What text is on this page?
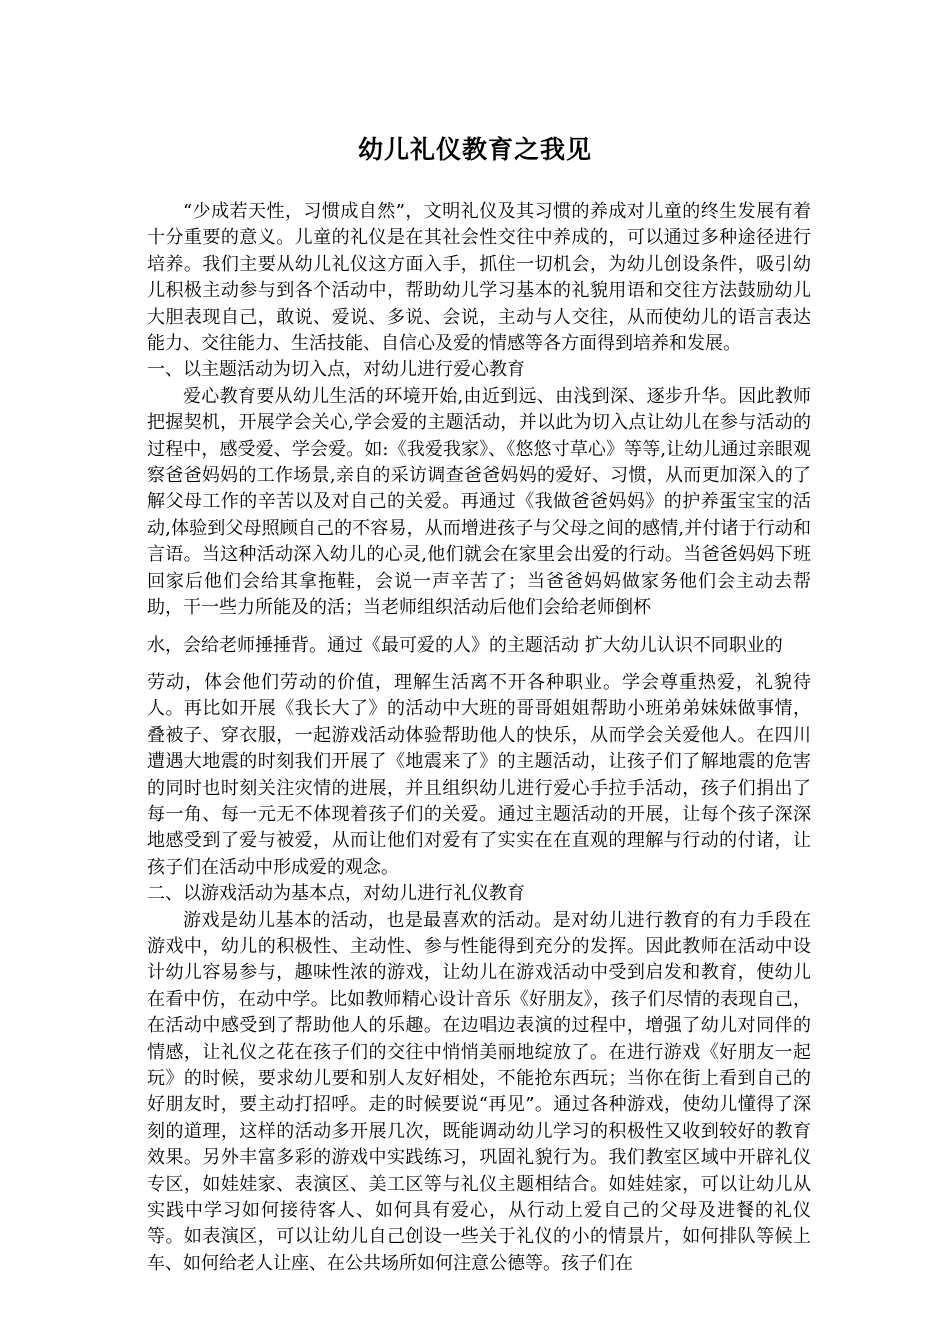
幼儿礼仪教育之我见

“少成若天性，习惯成自然”，文明礼仪及其习惯的养成对儿童的终生发展有着十分重要的意义。儿童的礼仪是在其社会性交往中养成的，可以通过多种途径进行培养。我们主要从幼儿礼仪这方面入手，抓住一切机会，为幼儿创设条件，吸引幼儿积极主动参与到各个活动中，帮助幼儿学习基本的礼貌用语和交往方法鼓励幼儿大胆表现自己，敢说、爱说、多说、会说，主动与人交往，从而使幼儿的语言表达能力、交往能力、生活技能、自信心及爱的情感等各方面得到培养和发展。

一、以主题活动为切入点，对幼儿进行爱心教育

爱心教育要从幼儿生活的环境开始,由近到远、由浅到深、逐步升华。因此教师把握契机，开展学会关心,学会爱的主题活动，并以此为切入点让幼儿在参与活动的过程中，感受爱、学会爱。如:《我爱我家》、《悠悠寸草心》等等,让幼儿通过亲眼观察爸爸妈妈的工作场景,亲自的采访调查爸爸妈妈的爱好、习惯，从而更加深入的了解父母工作的辛苦以及对自己的关爱。再通过《我做爸爸妈妈》的护养蛋宝宝的活动,体验到父母照顾自己的不容易，从而增进孩子与父母之间的感情,并付诸于行动和言语。当这种活动深入幼儿的心灵,他们就会在家里会出爱的行动。当爸爸妈妈下班回家后他们会给其拿拖鞋，会说一声辛苦了；当爸爸妈妈做家务他们会主动去帮助，干一些力所能及的活；当老师组织活动后他们会给老师倒杯

水，会给老师捶捶背。通过《最可爱的人》的主题活动 扩大幼儿认识不同职业的

劳动，体会他们劳动的价值，理解生活离不开各种职业。学会尊重热爱，礼貌待人。再比如开展《我长大了》的活动中大班的哥哥姐姐帮助小班弟弟妹妹做事情，叠被子、穿衣服，一起游戏活动体验帮助他人的快乐，从而学会关爱他人。在四川遭遇大地震的时刻我们开展了《地震来了》的主题活动，让孩子们了解地震的危害的同时也时刻关注灾情的进展，并且组织幼儿进行爱心手拉手活动，孩子们捐出了每一角、每一元无不体现着孩子们的关爱。通过主题活动的开展，让每个孩子深深地感受到了爱与被爱，从而让他们对爱有了实实在在直观的理解与行动的付诸，让孩子们在活动中形成爱的观念。

二、以游戏活动为基本点，对幼儿进行礼仪教育

游戏是幼儿基本的活动，也是最喜欢的活动。是对幼儿进行教育的有力手段在游戏中，幼儿的积极性、主动性、参与性能得到充分的发挥。因此教师在活动中设计幼儿容易参与，趣味性浓的游戏，让幼儿在游戏活动中受到启发和教育，使幼儿在看中仿，在动中学。比如教师精心设计音乐《好朋友》，孩子们尽情的表现自己，在活动中感受到了帮助他人的乐趣。在边唱边表演的过程中，增强了幼儿对同伴的情感，让礼仪之花在孩子们的交往中悄悄美丽地绽放了。在进行游戏《好朋友一起玩》的时候，要求幼儿要和别人友好相处，不能抢东西玩；当你在街上看到自己的好朋友时，要主动打招呼。走的时候要说“再见”。通过各种游戏，使幼儿懂得了深刻的道理，这样的活动多开展几次，既能调动幼儿学习的积极性又收到较好的教育效果。另外丰富多彩的游戏中实践练习，巩固礼貌行为。我们教室区域中开辟礼仪专区，如娃娃家、表演区、美工区等与礼仪主题相结合。如娃娃家，可以让幼儿从实践中学习如何接待客人、如何具有爱心，从行动上爱自己的父母及进餐的礼仪等。如表演区，可以让幼儿自己创设一些关于礼仪的小的情景片，如何排队等候上车、如何给老人让座、在公共场所如何注意公德等。孩子们在
